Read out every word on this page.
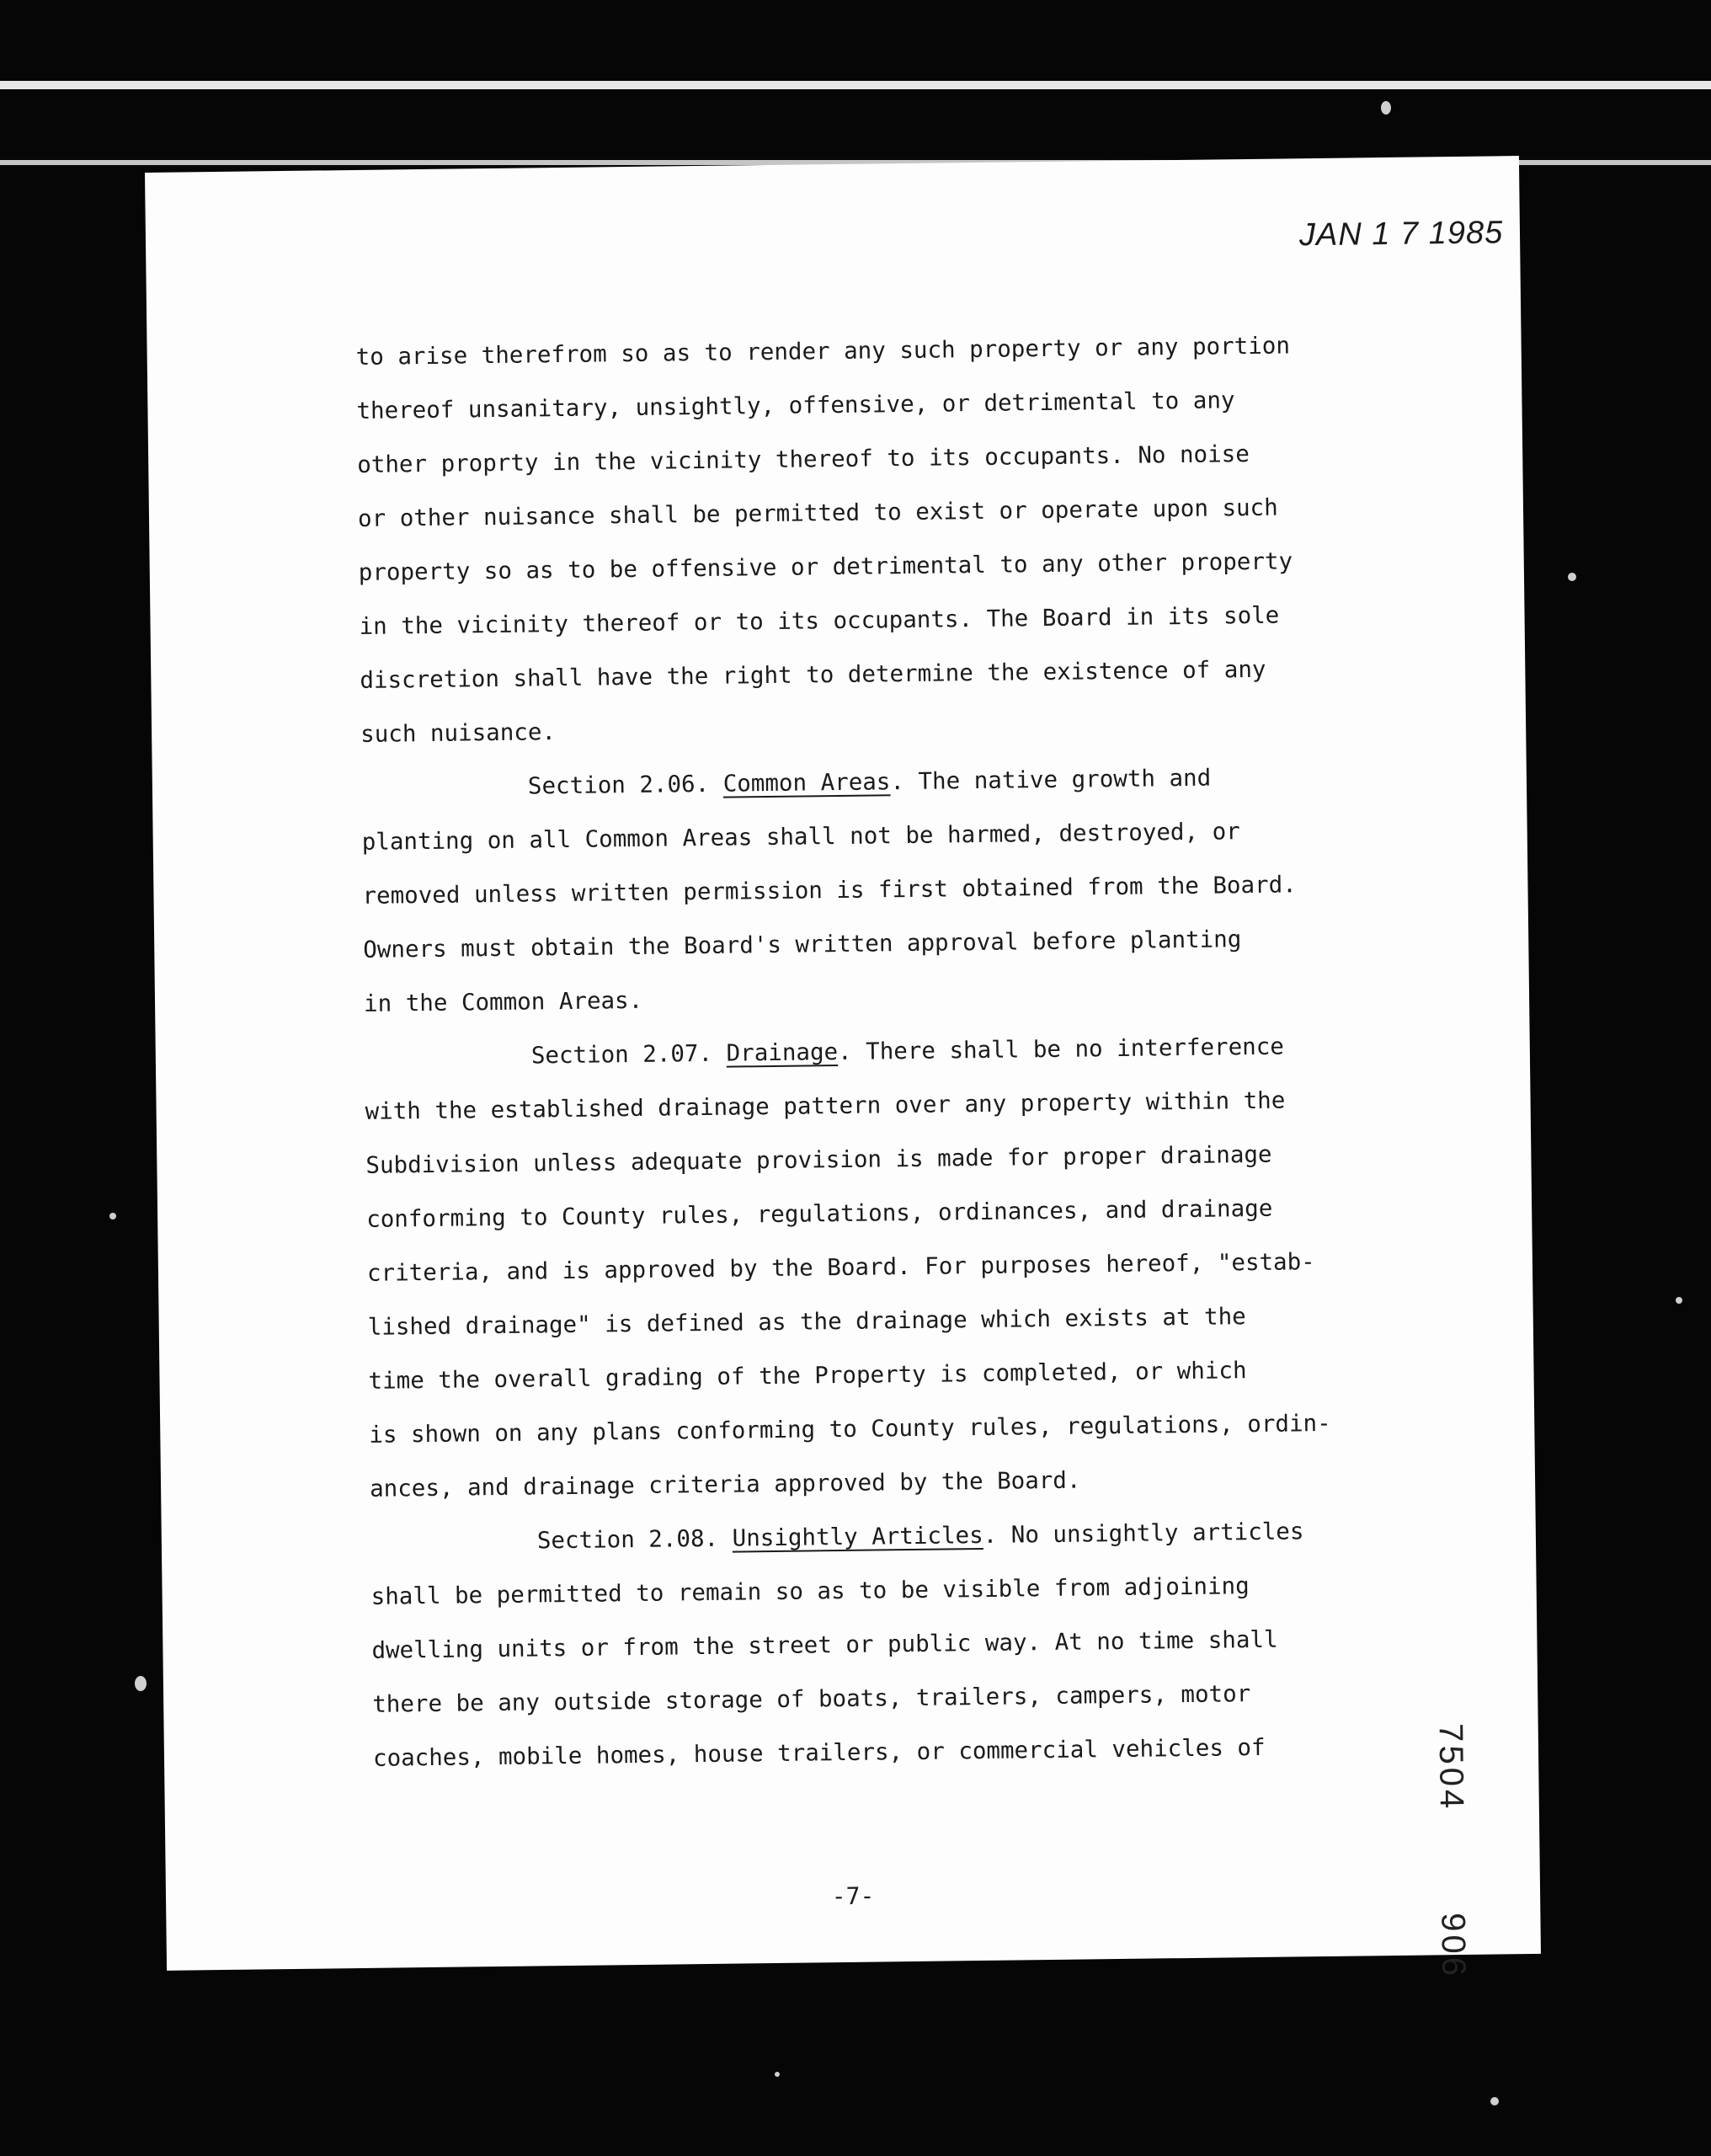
JAN 1 7 1985
to arise therefrom so as to render any such property or any portion
thereof unsanitary, unsightly, offensive, or detrimental to any
other proprty in the vicinity thereof to its occupants. No noise
or other nuisance shall be permitted to exist or operate upon such
property so as to be offensive or detrimental to any other property
in the vicinity thereof or to its occupants. The Board in its sole
discretion shall have the right to determine the existence of any
such nuisance.
Section 2.06. Common Areas. The native growth and
planting on all Common Areas shall not be harmed, destroyed, or
removed unless written permission is first obtained from the Board.
Owners must obtain the Board's written approval before planting
in the Common Areas.
Section 2.07. Drainage. There shall be no interference
with the established drainage pattern over any property within the
Subdivision unless adequate provision is made for proper drainage
conforming to County rules, regulations, ordinances, and drainage
criteria, and is approved by the Board. For purposes hereof, "estab-
lished drainage" is defined as the drainage which exists at the
time the overall grading of the Property is completed, or which
is shown on any plans conforming to County rules, regulations, ordin-
ances, and drainage criteria approved by the Board.
Section 2.08. Unsightly Articles. No unsightly articles
shall be permitted to remain so as to be visible from adjoining
dwelling units or from the street or public way. At no time shall
there be any outside storage of boats, trailers, campers, motor
coaches, mobile homes, house trailers, or commercial vehicles of	7504
906
-7-
